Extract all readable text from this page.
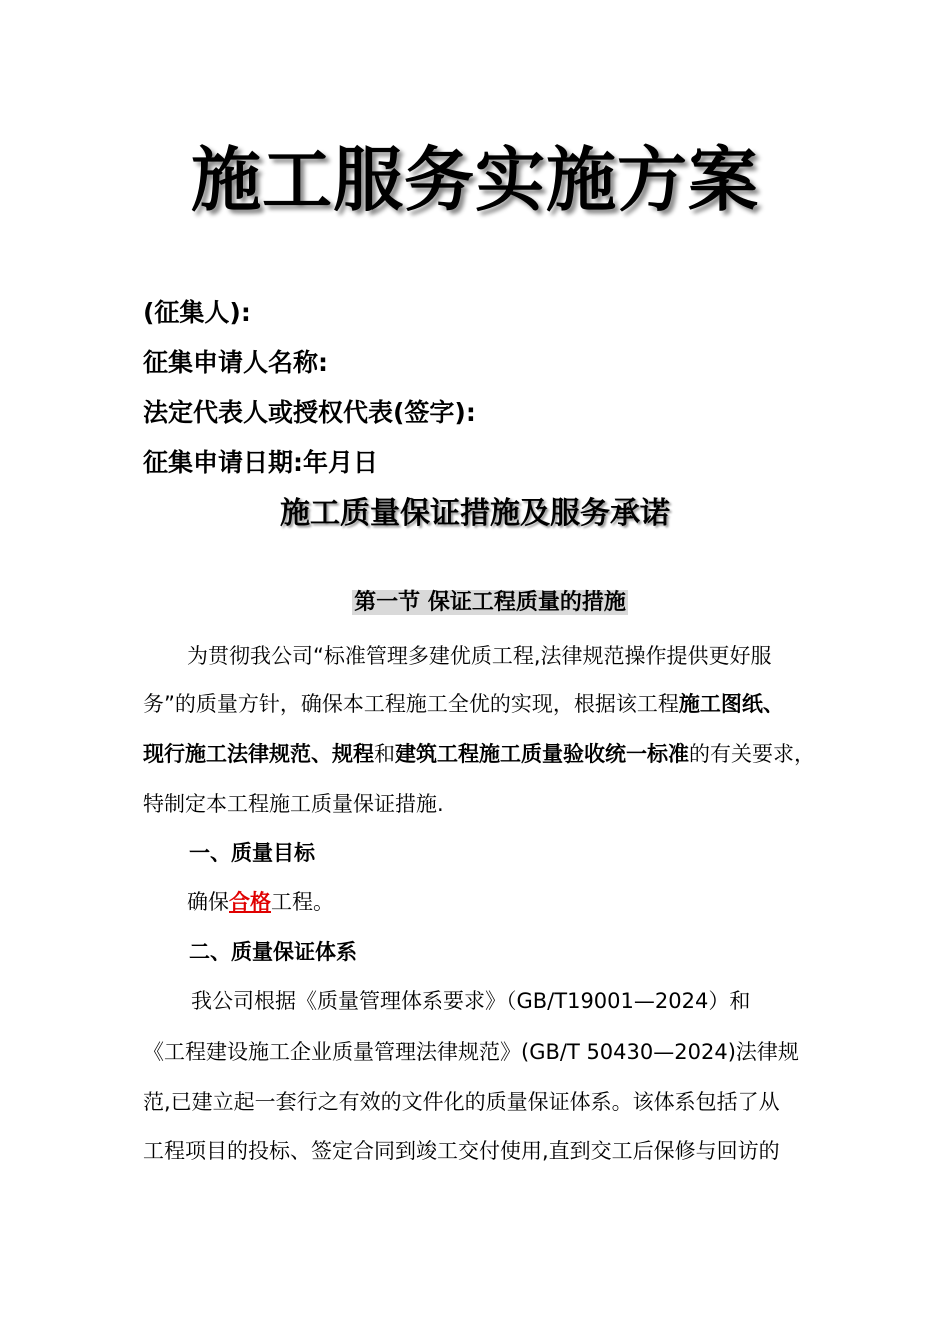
施工服务实施方案

(征集人):

征集申请人名称:

法定代表人或授权代表(签字):

征集申请日期:年月日

施工质量保证措施及服务承诺
第一节 保证工程质量的措施

为贯彻我公司“标准管理多建优质工程,法律规范操作提供更好服

务”的质量方针，确保本工程施工全优的实现，根据该工程施工图纸、

现行施工法律规范、规程和建筑工程施工质量验收统一标准的有关要求，

特制定本工程施工质量保证措施.

一、质量目标

确保合格工程。

二、质量保证体系

我公司根据《质量管理体系要求》（GB/T19001—2024）和

《工程建设施工企业质量管理法律规范》(GB/T 50430—2024)法律规

范,已建立起一套行之有效的文件化的质量保证体系。该体系包括了从

工程项目的投标、签定合同到竣工交付使用,直到交工后保修与回访的
